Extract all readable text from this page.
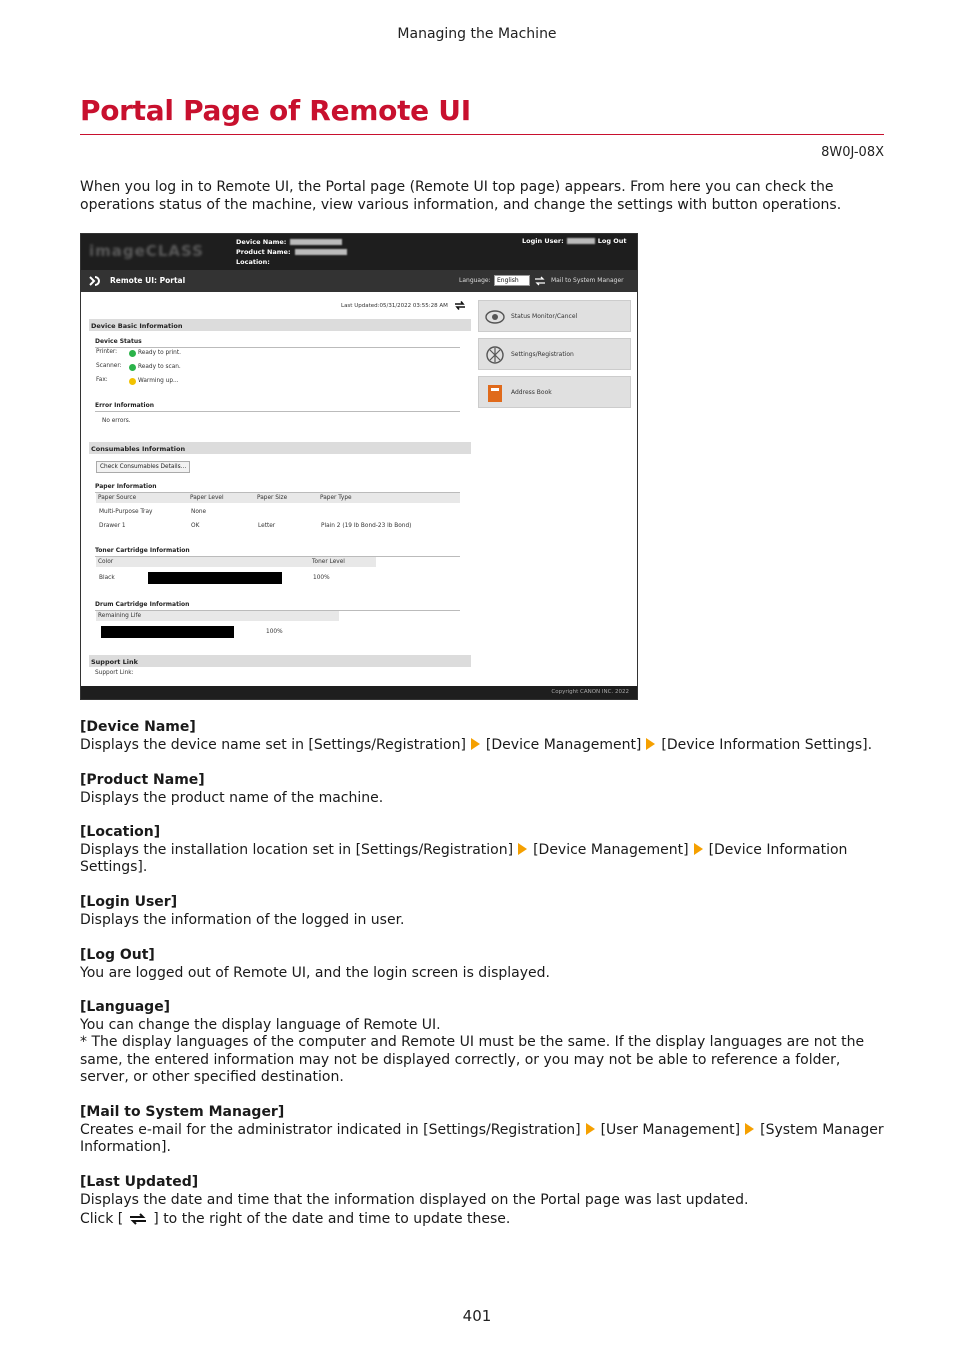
Managing the Machine
Portal Page of Remote UI
8W0J-08X

When you log in to Remote UI, the Portal page (Remote UI top page) appears. From here you can check the operations status of the machine, view various information, and change the settings with button operations.

imageCLASS	Device Name:
Product Name:
Location:
Login User:	Log Out
Remote UI: Portal	Language:	English	Mail to System Manager
Last Updated:05/31/2022 03:55:28 AM
Device Basic Information
Device Status
Printer:	Ready to print.
Scanner:	Ready to scan.
Fax:	Warming up...
Error Information
No errors.
Consumables Information
Check Consumables Details...
Paper Information
Paper Source	Paper Level	Paper Size	Paper Type
Multi-Purpose Tray	None
Drawer 1	OK	Letter	Plain 2 (19 lb Bond-23 lb Bond)
Toner Cartridge Information
Color	Toner Level
Black	100%
Drum Cartridge Information
Remaining Life
100%
Support Link
Support Link:
Status Monitor/Cancel
Settings/Registration
Address Book
Copyright CANON INC. 2022
[Device Name]
Displays the device name set in [Settings/Registration] [Device Management] [Device Information Settings].
[Product Name]
Displays the product name of the machine.
[Location]
Displays the installation location set in [Settings/Registration] [Device Management] [Device Information Settings].
[Login User]
Displays the information of the logged in user.
[Log Out]
You are logged out of Remote UI, and the login screen is displayed.
[Language]
You can change the display language of Remote UI.
* The display languages of the computer and Remote UI must be the same. If the display languages are not the same, the entered information may not be displayed correctly, or you may not be able to reference a folder, server, or other specified destination.
[Mail to System Manager]
Creates e-mail for the administrator indicated in [Settings/Registration] [User Management] [System Manager Information].
[Last Updated]
Displays the date and time that the information displayed on the Portal page was last updated.
Click [ ] to the right of the date and time to update these.
401
